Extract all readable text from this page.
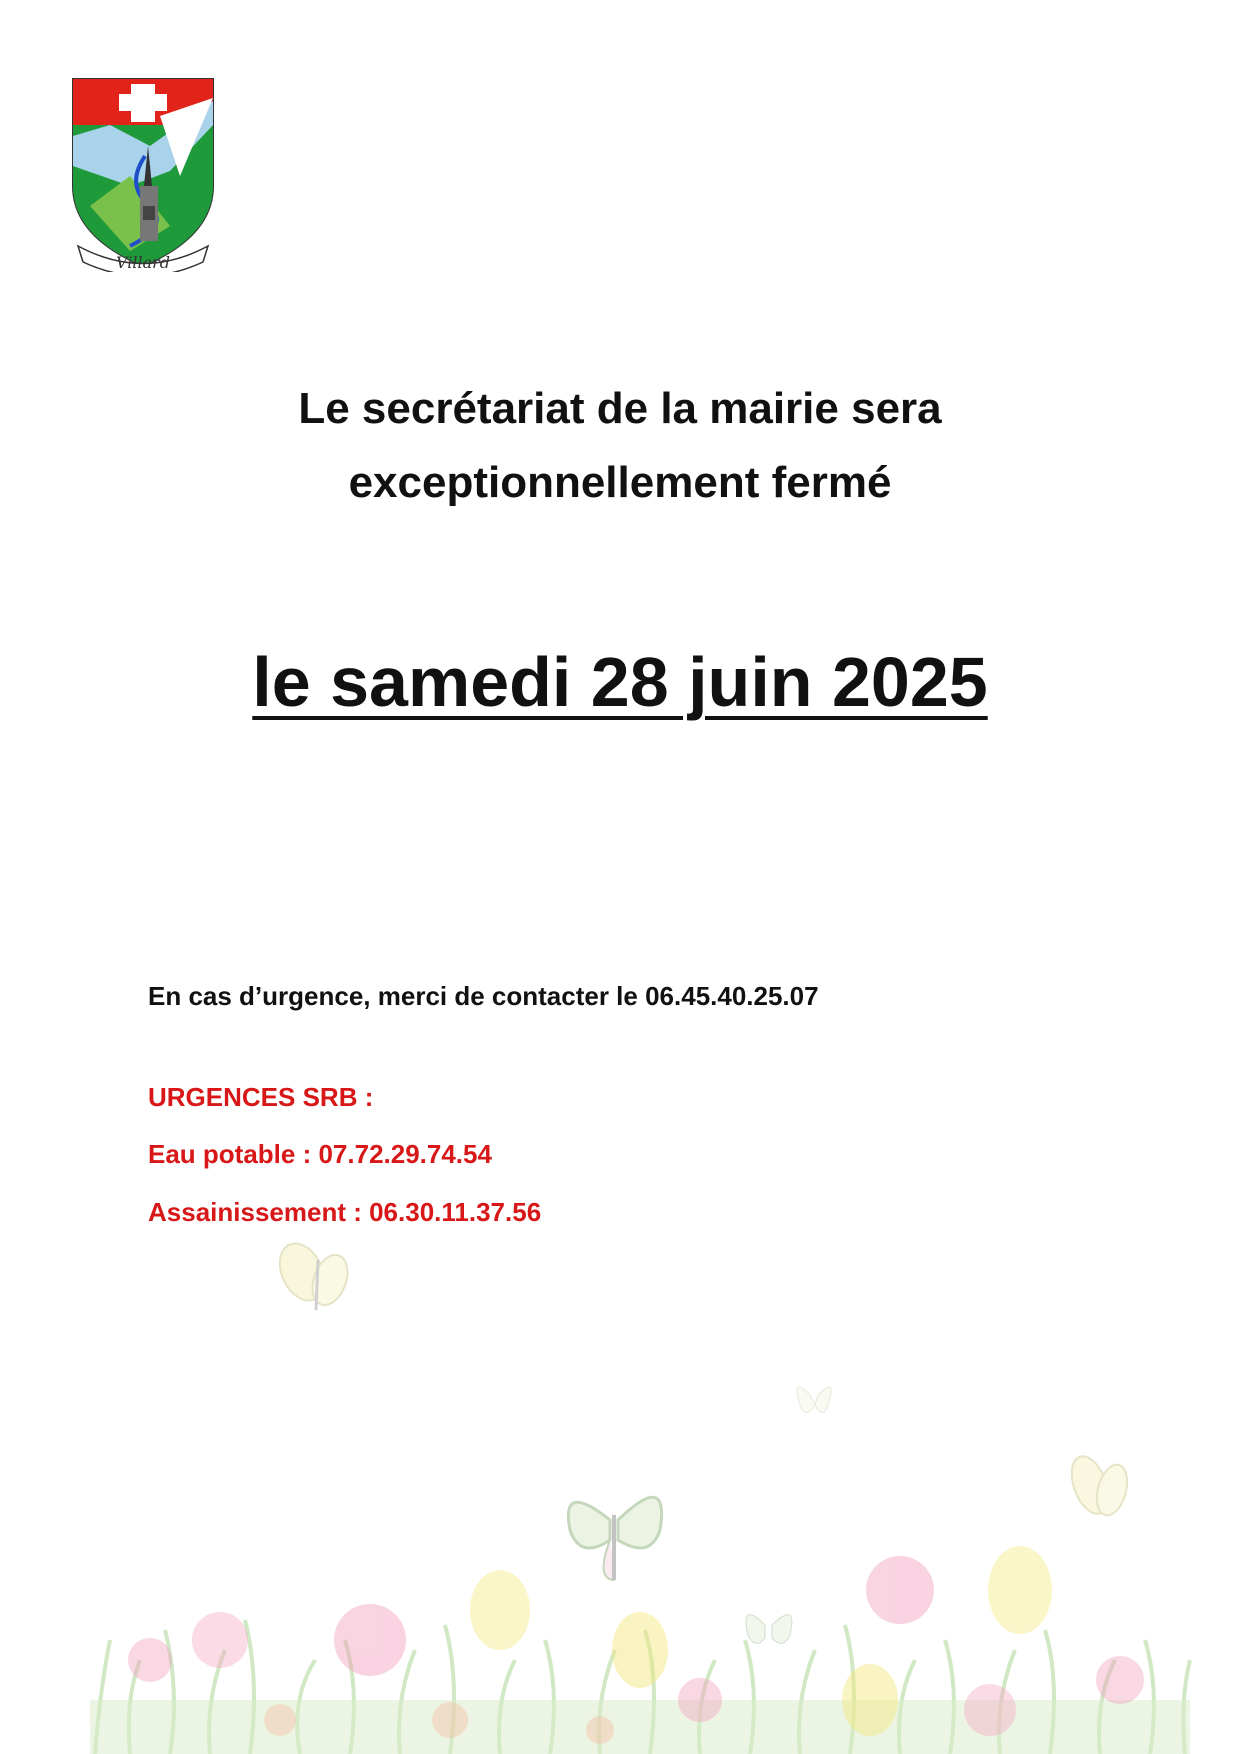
Villard
Le secrétariat de la mairie sera
exceptionnellement fermé
le samedi 28 juin 2025
En cas d’urgence, merci de contacter le 06.45.40.25.07
URGENCES SRB :
Eau potable : 07.72.29.74.54
Assainissement : 06.30.11.37.56
